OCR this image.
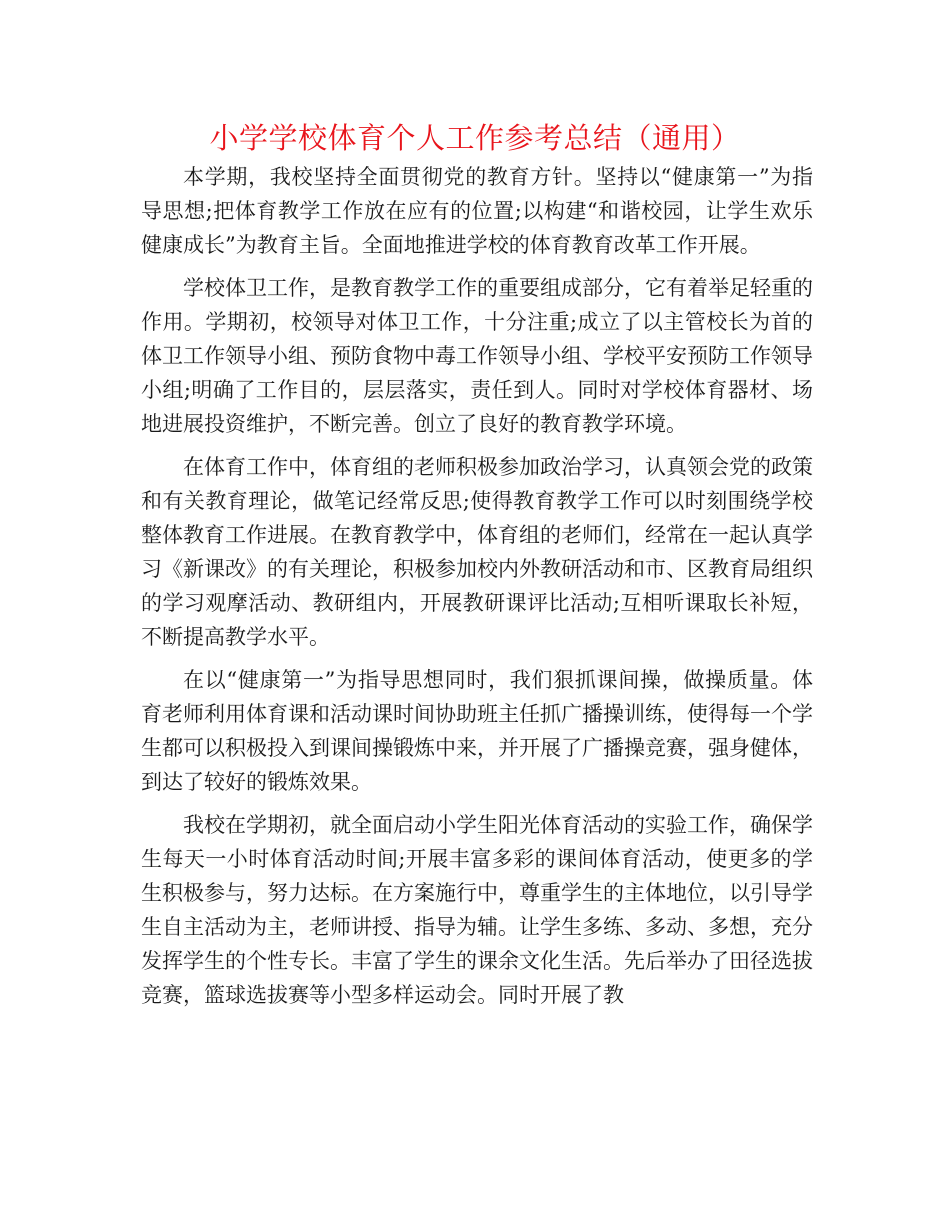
小学学校体育个人工作参考总结（通用）

本学期，我校坚持全面贯彻党的教育方针。坚持以“健康第一”为指导思想;把体育教学工作放在应有的位置;以构建“和谐校园，让学生欢乐健康成长”为教育主旨。全面地推进学校的体育教育改革工作开展。

学校体卫工作，是教育教学工作的重要组成部分，它有着举足轻重的作用。学期初，校领导对体卫工作，十分注重;成立了以主管校长为首的体卫工作领导小组、预防食物中毒工作领导小组、学校平安预防工作领导小组;明确了工作目的，层层落实，责任到人。同时对学校体育器材、场地进展投资维护，不断完善。创立了良好的教育教学环境。

在体育工作中，体育组的老师积极参加政治学习，认真领会党的政策和有关教育理论，做笔记经常反思;使得教育教学工作可以时刻围绕学校整体教育工作进展。在教育教学中，体育组的老师们，经常在一起认真学习《新课改》的有关理论，积极参加校内外教研活动和市、区教育局组织的学习观摩活动、教研组内，开展教研课评比活动;互相听课取长补短，不断提高教学水平。

在以“健康第一”为指导思想同时，我们狠抓课间操，做操质量。体育老师利用体育课和活动课时间协助班主任抓广播操训练，使得每一个学生都可以积极投入到课间操锻炼中来，并开展了广播操竞赛，强身健体，到达了较好的锻炼效果。

我校在学期初，就全面启动小学生阳光体育活动的实验工作，确保学生每天一小时体育活动时间;开展丰富多彩的课间体育活动，使更多的学生积极参与，努力达标。在方案施行中，尊重学生的主体地位，以引导学生自主活动为主，老师讲授、指导为辅。让学生多练、多动、多想，充分发挥学生的个性专长。丰富了学生的课余文化生活。先后举办了田径选拔竞赛，篮球选拔赛等小型多样运动会。同时开展了教
